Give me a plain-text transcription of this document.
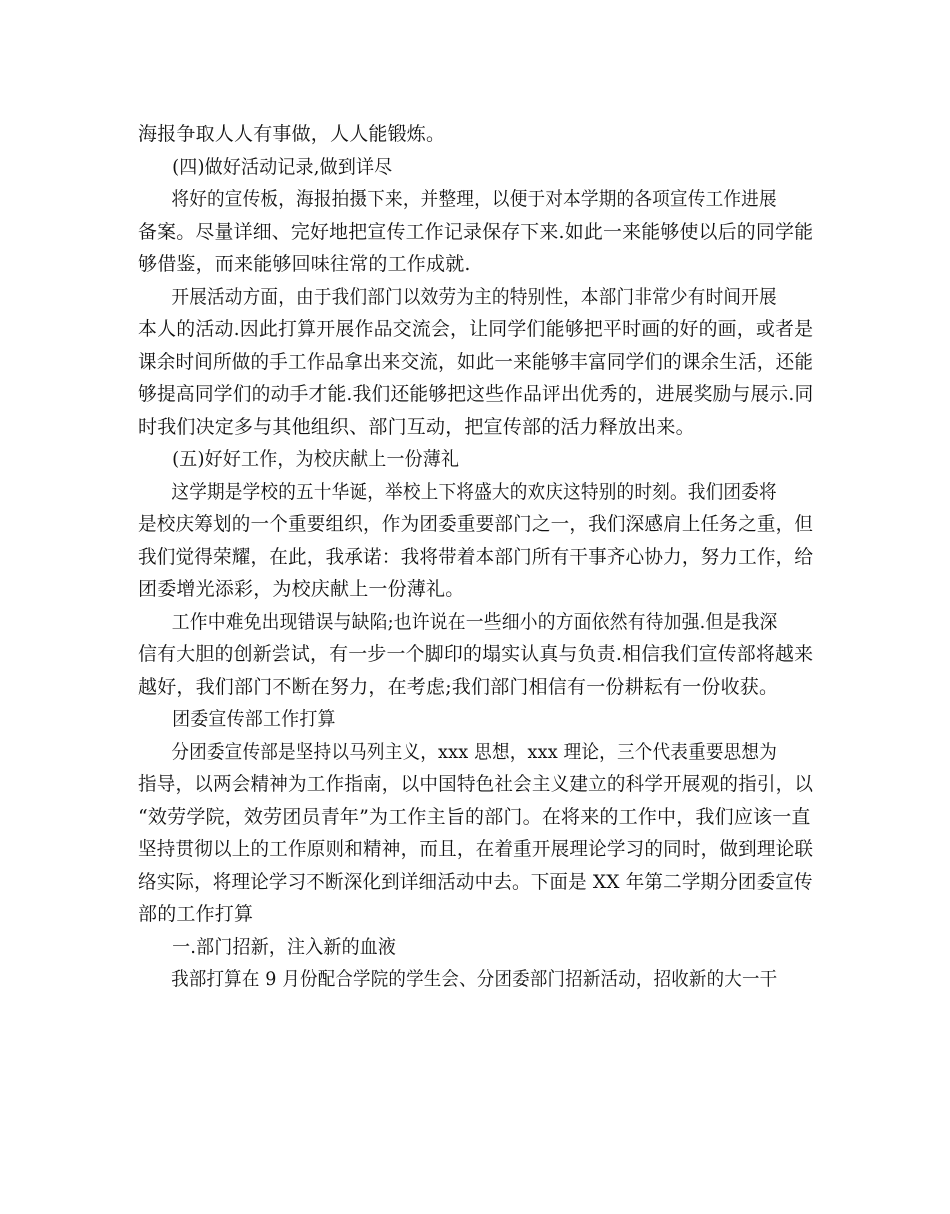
海报争取人人有事做，人人能锻炼。
(四)做好活动记录,做到详尽
将好的宣传板，海报拍摄下来，并整理，以便于对本学期的各项宣传工作进展
备案。尽量详细、完好地把宣传工作记录保存下来.如此一来能够使以后的同学能
够借鉴，而来能够回味往常的工作成就.
开展活动方面，由于我们部门以效劳为主的特别性，本部门非常少有时间开展
本人的活动.因此打算开展作品交流会，让同学们能够把平时画的好的画，或者是
课余时间所做的手工作品拿出来交流，如此一来能够丰富同学们的课余生活，还能
够提高同学们的动手才能.我们还能够把这些作品评出优秀的，进展奖励与展示.同
时我们决定多与其他组织、部门互动，把宣传部的活力释放出来。
(五)好好工作，为校庆献上一份薄礼
这学期是学校的五十华诞，举校上下将盛大的欢庆这特别的时刻。我们团委将
是校庆筹划的一个重要组织，作为团委重要部门之一，我们深感肩上任务之重，但
我们觉得荣耀，在此，我承诺：我将带着本部门所有干事齐心协力，努力工作，给
团委增光添彩，为校庆献上一份薄礼。
工作中难免出现错误与缺陷;也许说在一些细小的方面依然有待加强.但是我深
信有大胆的创新尝试，有一步一个脚印的塌实认真与负责.相信我们宣传部将越来
越好，我们部门不断在努力，在考虑;我们部门相信有一份耕耘有一份收获。
团委宣传部工作打算
分团委宣传部是坚持以马列主义，xxx 思想，xxx 理论，三个代表重要思想为
指导，以两会精神为工作指南，以中国特色社会主义建立的科学开展观的指引，以
“效劳学院，效劳团员青年”为工作主旨的部门。在将来的工作中，我们应该一直
坚持贯彻以上的工作原则和精神，而且，在着重开展理论学习的同时，做到理论联
络实际，将理论学习不断深化到详细活动中去。下面是 XX 年第二学期分团委宣传
部的工作打算
一.部门招新，注入新的血液
我部打算在 9 月份配合学院的学生会、分团委部门招新活动，招收新的大一干
